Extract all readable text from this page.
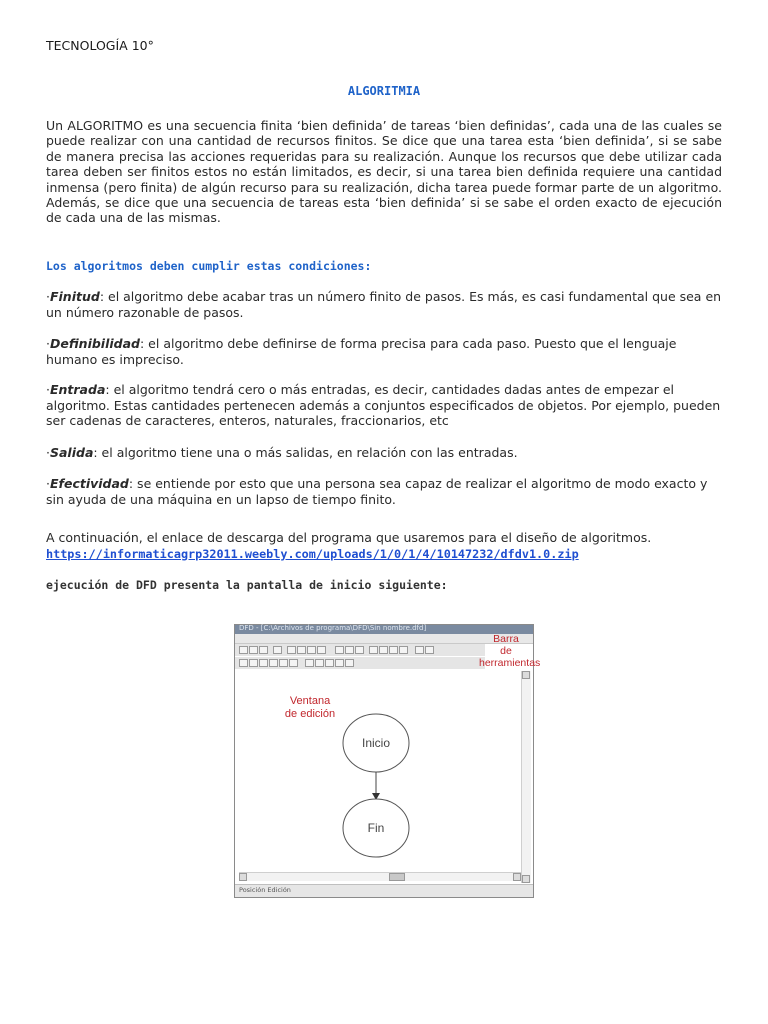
TECNOLOGÍA 10°
ALGORITMIA
Un ALGORITMO es una secuencia finita ‘bien definida’ de tareas ‘bien definidas’, cada una de las cuales se puede realizar con una cantidad de recursos finitos. Se dice que una tarea esta ‘bien definida’, si se sabe de manera precisa las acciones requeridas para su realización. Aunque los recursos que debe utilizar cada tarea deben ser finitos estos no están limitados, es decir, si una tarea bien definida requiere una cantidad inmensa (pero finita) de algún recurso para su realización, dicha tarea puede formar parte de un algoritmo. Además, se dice que una secuencia de tareas esta ‘bien definida’ si se sabe el orden exacto de ejecución de cada una de las mismas.
Los algoritmos deben cumplir estas condiciones:
·Finitud: el algoritmo debe acabar tras un número finito de pasos. Es más, es casi fundamental que sea en un número razonable de pasos.
·Definibilidad: el algoritmo debe definirse de forma precisa para cada paso. Puesto que el lenguaje humano es impreciso.
·Entrada: el algoritmo tendrá cero o más entradas, es decir, cantidades dadas antes de empezar el algoritmo. Estas cantidades pertenecen además a conjuntos especificados de objetos. Por ejemplo, pueden ser cadenas de caracteres, enteros, naturales, fraccionarios, etc
·Salida: el algoritmo tiene una o más salidas, en relación con las entradas.
·Efectividad: se entiende por esto que una persona sea capaz de realizar el algoritmo de modo exacto y sin ayuda de una máquina en un lapso de tiempo finito.
A continuación, el enlace de descarga del programa que usaremos para el diseño de algoritmos.
https://informaticagrp32011.weebly.com/uploads/1/0/1/4/10147232/dfdv1.0.zip
ejecución de DFD presenta la pantalla de inicio siguiente:
DFD - [C:\Archivos de programa\DFD\Sin nombre.dfd]
Barra
de
herramientas
Ventana
de edición
Inicio
Fin
Posición Edición
